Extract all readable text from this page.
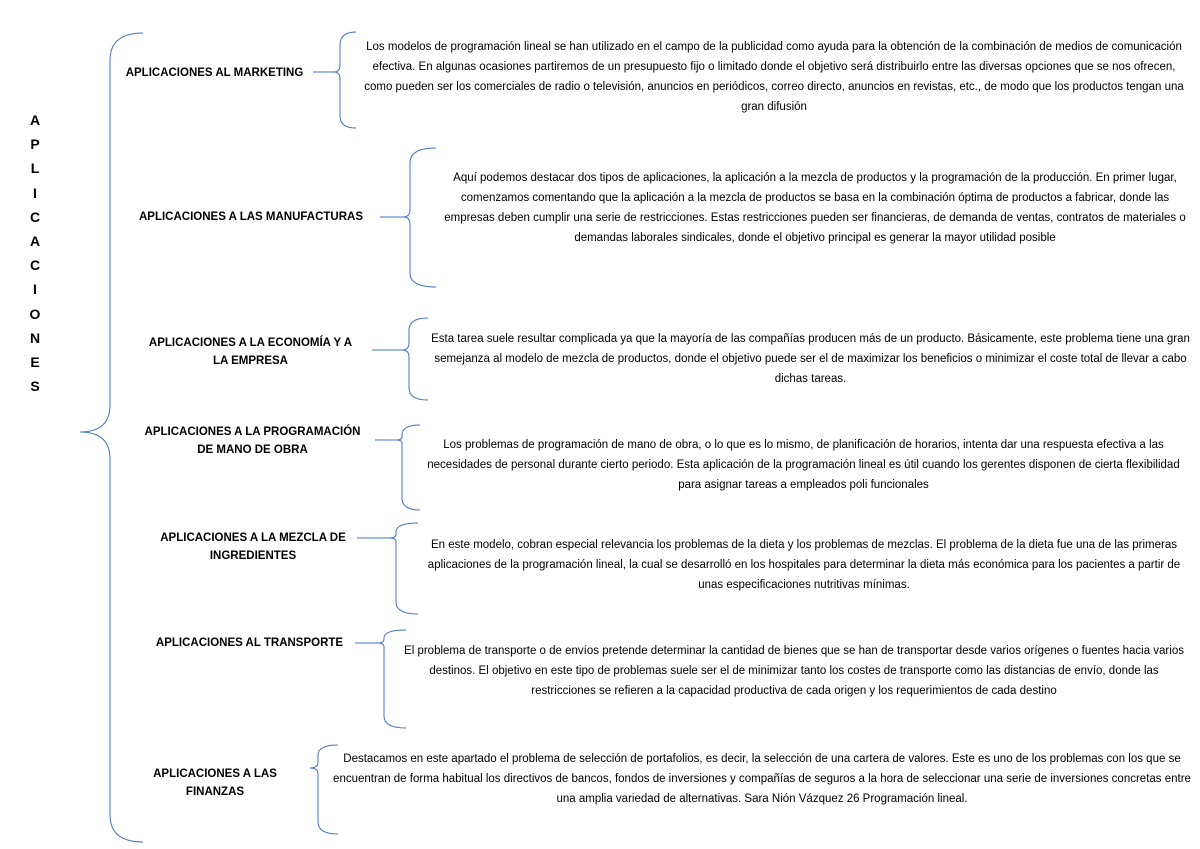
A
P
L
I
C
A
C
I
O
N
E
S
APLICACIONES AL MARKETING
APLICACIONES A LAS MANUFACTURAS
APLICACIONES A LA ECONOMÍA Y A
LA EMPRESA
APLICACIONES A LA PROGRAMACIÓN
DE MANO DE OBRA
APLICACIONES A LA MEZCLA DE
INGREDIENTES
APLICACIONES AL TRANSPORTE
APLICACIONES A LAS
FINANZAS
Los modelos de programación lineal se han utilizado en el campo de la publicidad como ayuda para la obtención de la combinación de medios de comunicación efectiva. En algunas ocasiones partiremos de un presupuesto fijo o limitado donde el objetivo será distribuirlo entre las diversas opciones que se nos ofrecen, como pueden ser los comerciales de radio o televisión, anuncios en periódicos, correo directo, anuncios en revistas, etc., de modo que los productos tengan una gran difusión
Aquí podemos destacar dos tipos de aplicaciones, la aplicación a la mezcla de productos y la programación de la producción. En primer lugar, comenzamos comentando que la aplicación a la mezcla de productos se basa en la combinación óptima de productos a fabricar, donde las empresas deben cumplir una serie de restricciones. Estas restricciones pueden ser financieras, de demanda de ventas, contratos de materiales o demandas laborales sindicales, donde el objetivo principal es generar la mayor utilidad posible
Esta tarea suele resultar complicada ya que la mayoría de las compañías producen más de un producto. Básicamente, este problema tiene una gran semejanza al modelo de mezcla de productos, donde el objetivo puede ser el de maximizar los beneficios o minimizar el coste total de llevar a cabo dichas tareas.
Los problemas de programación de mano de obra, o lo que es lo mismo, de planificación de horarios, intenta dar una respuesta efectiva a las necesidades de personal durante cierto periodo. Esta aplicación de la programación lineal es útil cuando los gerentes disponen de cierta flexibilidad para asignar tareas a empleados poli funcionales
En este modelo, cobran especial relevancia los problemas de la dieta y los problemas de mezclas. El problema de la dieta fue una de las primeras aplicaciones de la programación lineal, la cual se desarrolló en los hospitales para determinar la dieta más económica para los pacientes a partir de unas especificaciones nutritivas mínimas.
El problema de transporte o de envíos pretende determinar la cantidad de bienes que se han de transportar desde varios orígenes o fuentes hacia varios destinos. El objetivo en este tipo de problemas suele ser el de minimizar tanto los costes de transporte como las distancias de envío, donde las restricciones se refieren a la capacidad productiva de cada origen y los requerimientos de cada destino
Destacamos en este apartado el problema de selección de portafolios, es decir, la selección de una cartera de valores. Este es uno de los problemas con los que se encuentran de forma habitual los directivos de bancos, fondos de inversiones y compañías de seguros a la hora de seleccionar una serie de inversiones concretas entre una amplia variedad de alternativas. Sara Nión Vázquez 26 Programación lineal.
